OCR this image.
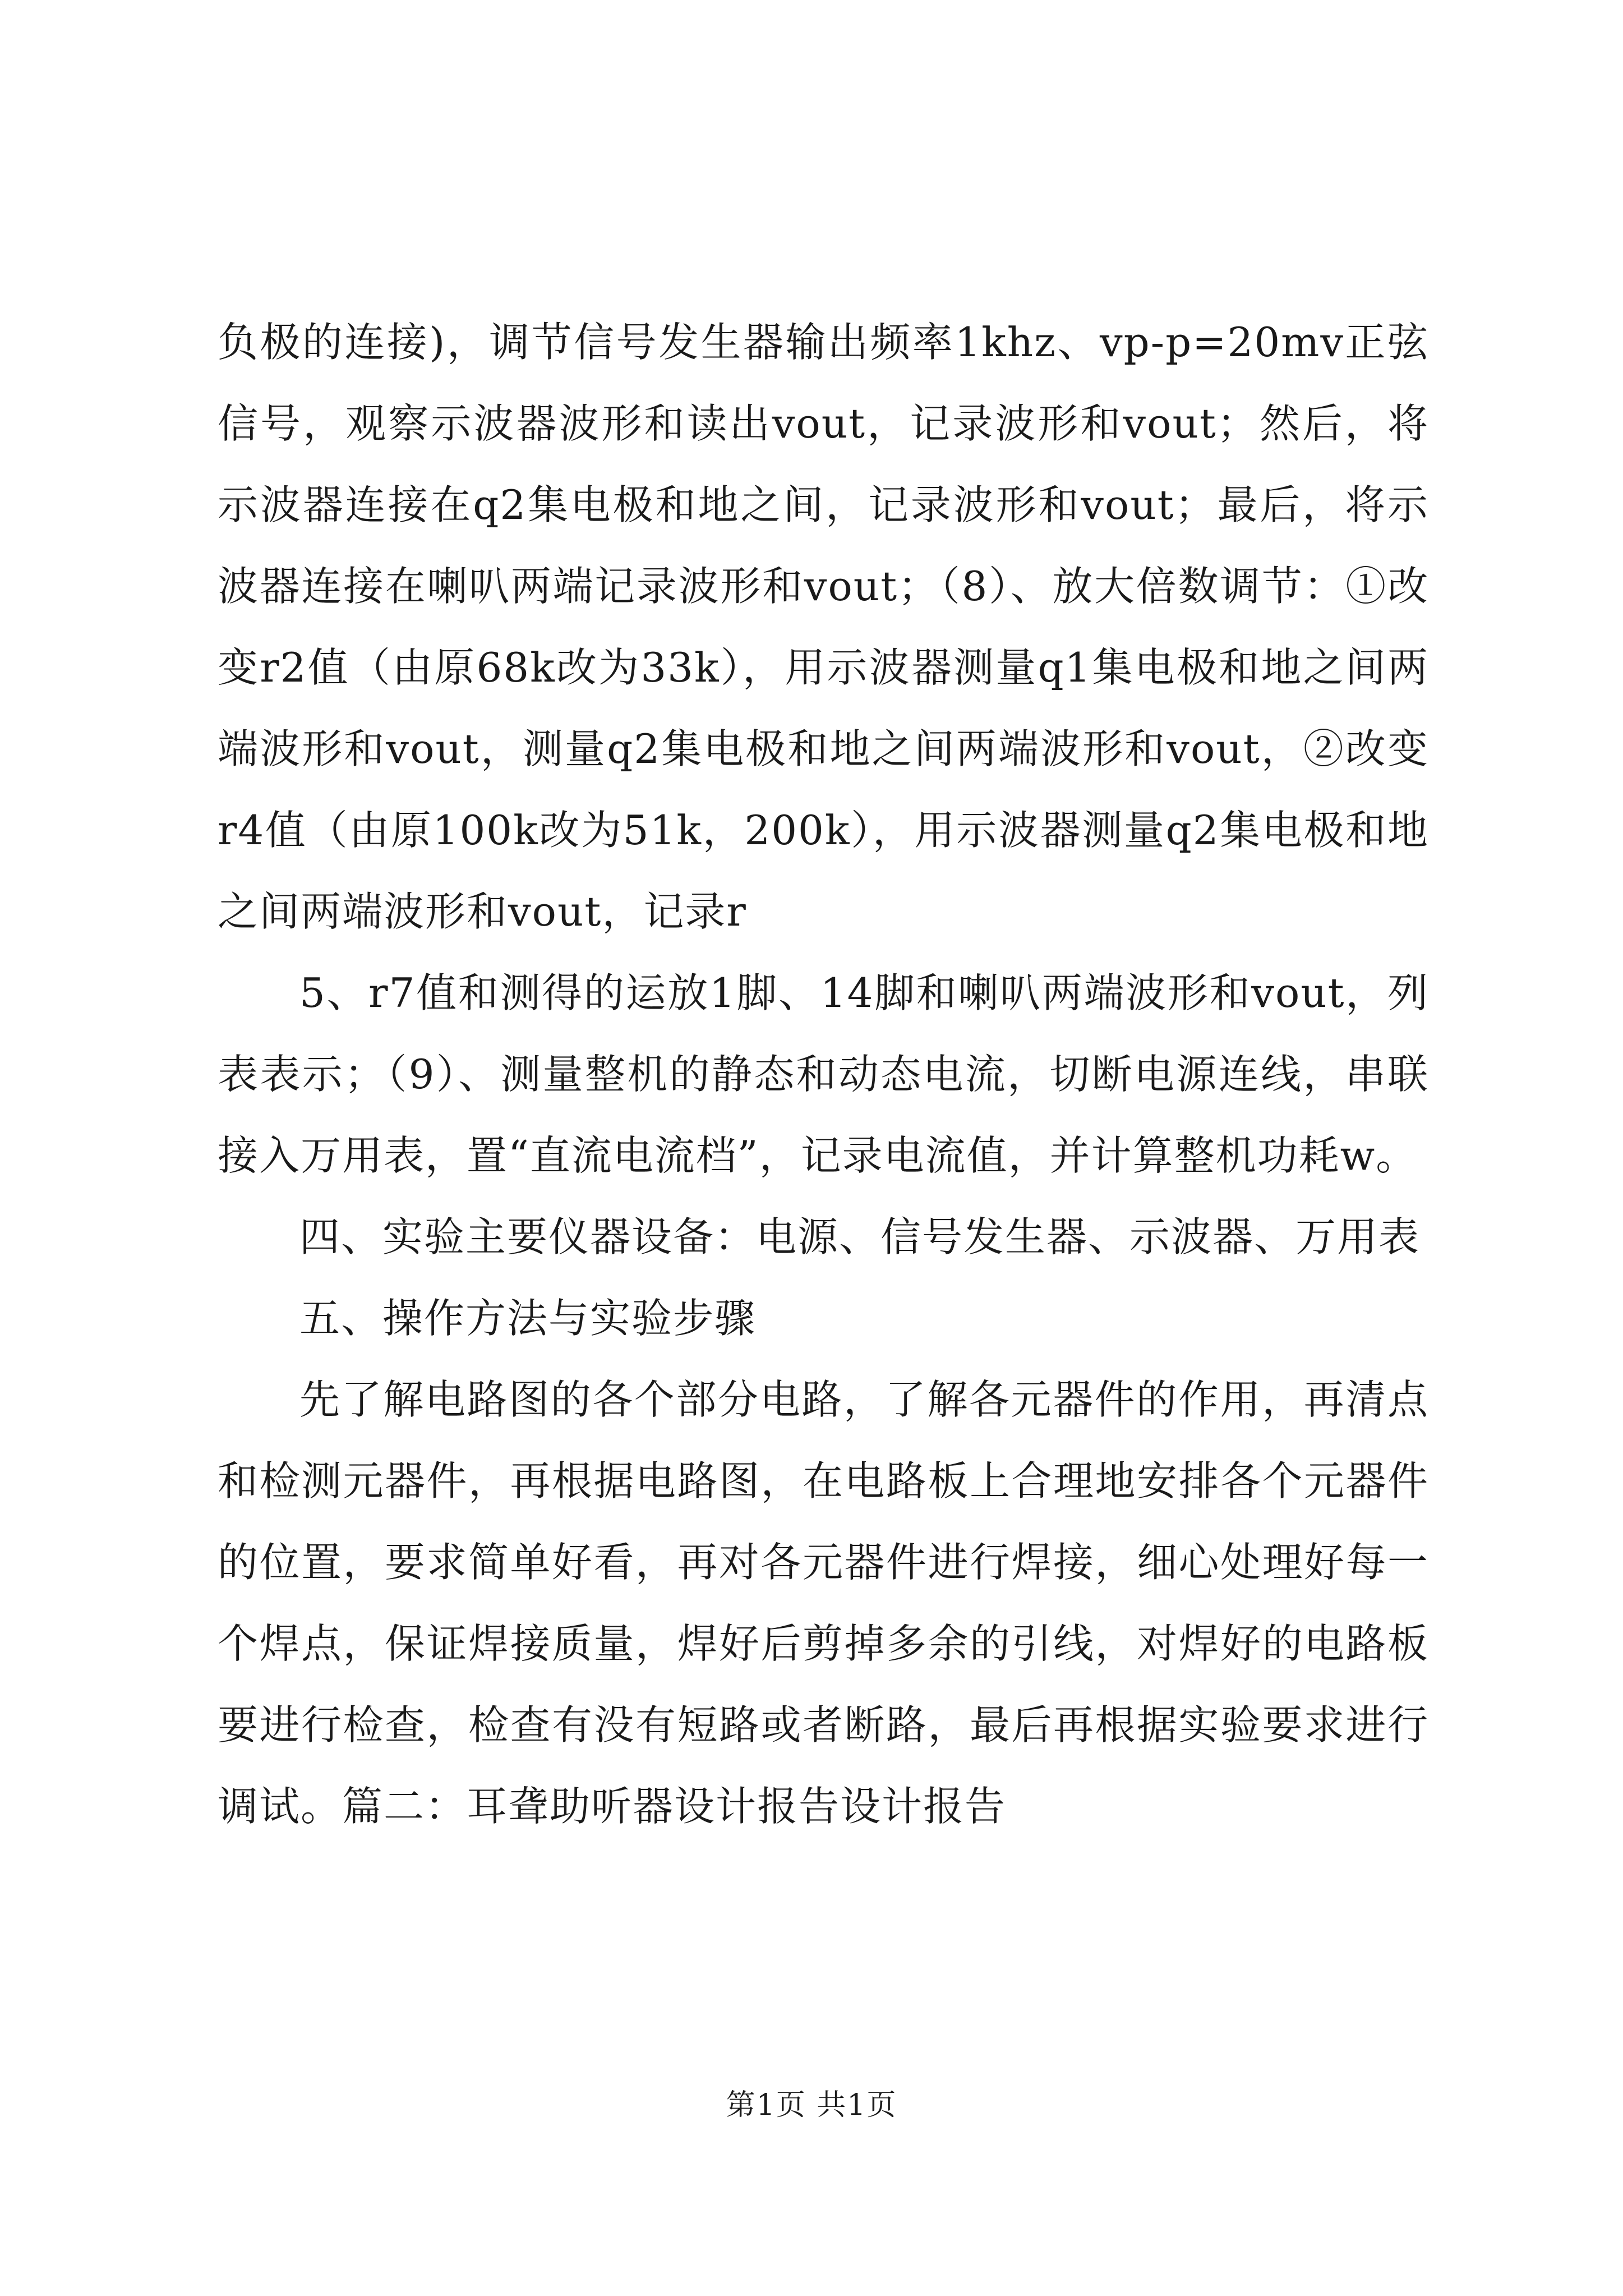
负极的连接)，调节信号发生器输出频率1khz、vp-p=20mv正弦信号，观察示波器波形和读出vout，记录波形和vout；然后，将示波器连接在q2集电极和地之间，记录波形和vout；最后，将示波器连接在喇叭两端记录波形和vout；（8）、放大倍数调节：①改变r2值（由原68k改为33k），用示波器测量q1集电极和地之间两端波形和vout，测量q2集电极和地之间两端波形和vout，②改变r4值（由原100k改为51k，200k），用示波器测量q2集电极和地之间两端波形和vout，记录r

5、r7值和测得的运放1脚、14脚和喇叭两端波形和vout，列表表示；（9）、测量整机的静态和动态电流，切断电源连线，串联接入万用表，置“直流电流档”，记录电流值，并计算整机功耗w。

四、实验主要仪器设备：电源、信号发生器、示波器、万用表

五、操作方法与实验步骤

先了解电路图的各个部分电路，了解各元器件的作用，再清点和检测元器件，再根据电路图，在电路板上合理地安排各个元器件的位置，要求简单好看，再对各元器件进行焊接，细心处理好每一个焊点，保证焊接质量，焊好后剪掉多余的引线，对焊好的电路板要进行检查，检查有没有短路或者断路，最后再根据实验要求进行调试。篇二：耳聋助听器设计报告设计报告

第1页 共1页
